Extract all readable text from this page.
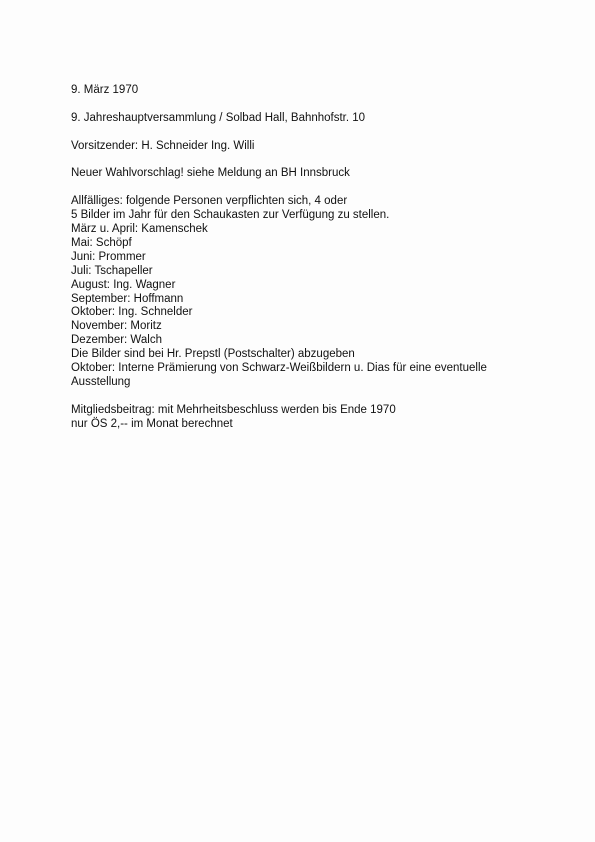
9. März 1970

9. Jahreshauptversammlung / Solbad Hall, Bahnhofstr. 10

Vorsitzender: H. Schneider Ing. Willi

Neuer Wahlvorschlag! siehe Meldung an BH Innsbruck

Allfälliges: folgende Personen verpflichten sich, 4 oder
5 Bilder im Jahr für den Schaukasten zur Verfügung zu stellen.
März u. April: Kamenschek
Mai: Schöpf
Juni: Prommer
Juli: Tschapeller
August: Ing. Wagner
September: Hoffmann
Oktober: Ing. Schnelder
November: Moritz
Dezember: Walch
Die Bilder sind bei Hr. Prepstl (Postschalter) abzugeben
Oktober: Interne Prämierung von Schwarz-Weißbildern u. Dias für eine eventuelle
Ausstellung
Mitgliedsbeitrag: mit Mehrheitsbeschluss werden bis Ende 1970
nur ÖS 2,-- im Monat berechnet
